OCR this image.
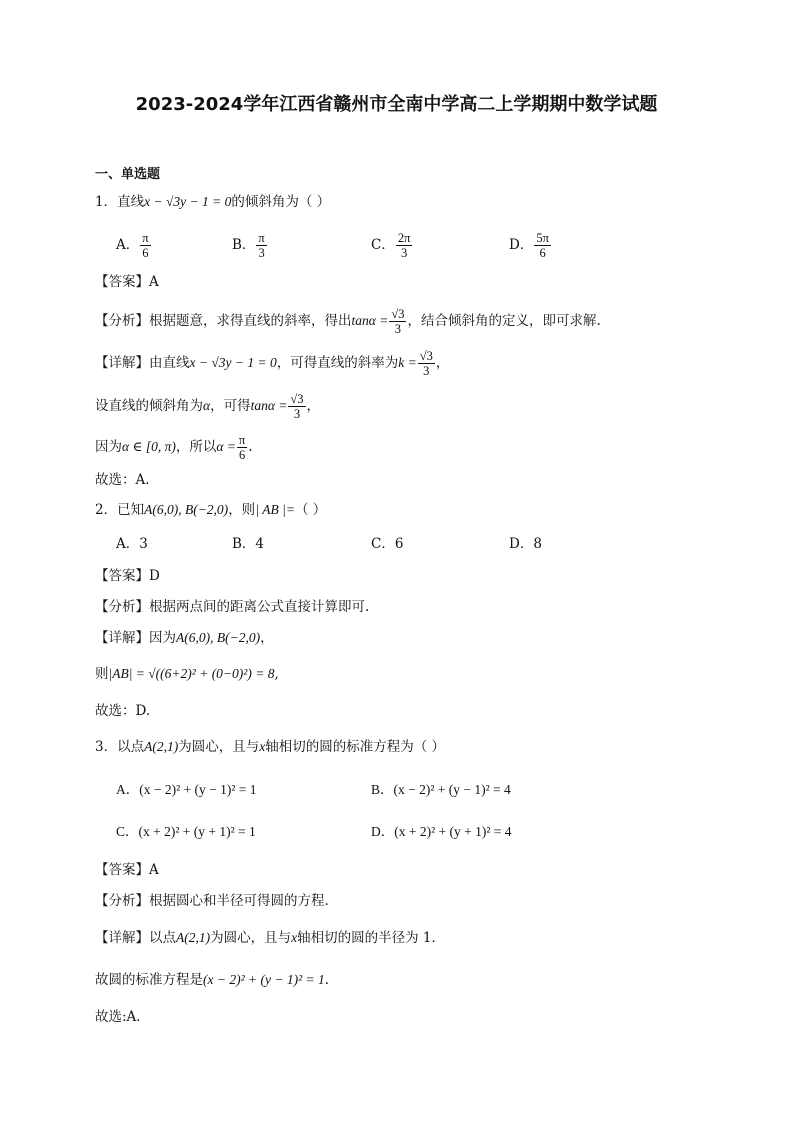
2023-2024学年江西省赣州市全南中学高二上学期期中数学试题
一、单选题
1．直线x − √3y − 1 = 0的倾斜角为（ ）
A． $\frac{\pi}{6}$	B． $\frac{\pi}{3}$	C． $\frac{2\pi}{3}$	D． $\frac{5\pi}{6}$
【答案】A
【分析】根据题意，求得直线的斜率，得出$\tan\alpha = \frac{√3}{3}$ ，结合倾斜角的定义，即可求解.
【详解】由直线x − √3y − 1 = 0，可得直线的斜率为$k = \frac{√3}{3}$ ，
设直线的倾斜角为α，可得$\tan\alpha = \frac{√3}{3}$ ，
因为α ∈ [0, π)，所以$\alpha = \frac{\pi}{6}$ .
故选：A.
2．已知A(6,0), B(−2,0)，则| AB |=（ ）
A．3	B．4	C．6	D．8
【答案】D
【分析】根据两点间的距离公式直接计算即可.
【详解】因为A(6,0), B(−2,0)，
则|AB| = √((6+2)² + (0−0)²) = 8,
故选：D.
3．以点A(2,1)为圆心，且与x轴相切的圆的标准方程为（ ）
A．(x − 2)² + (y − 1)² = 1	B．(x − 2)² + (y − 1)² = 4
C．(x + 2)² + (y + 1)² = 1	D．(x + 2)² + (y + 1)² = 4
【答案】A
【分析】根据圆心和半径可得圆的方程.
【详解】以点A(2,1)为圆心，且与x轴相切的圆的半径为 1．
故圆的标准方程是(x − 2)² + (y − 1)² = 1．
故选:A．
